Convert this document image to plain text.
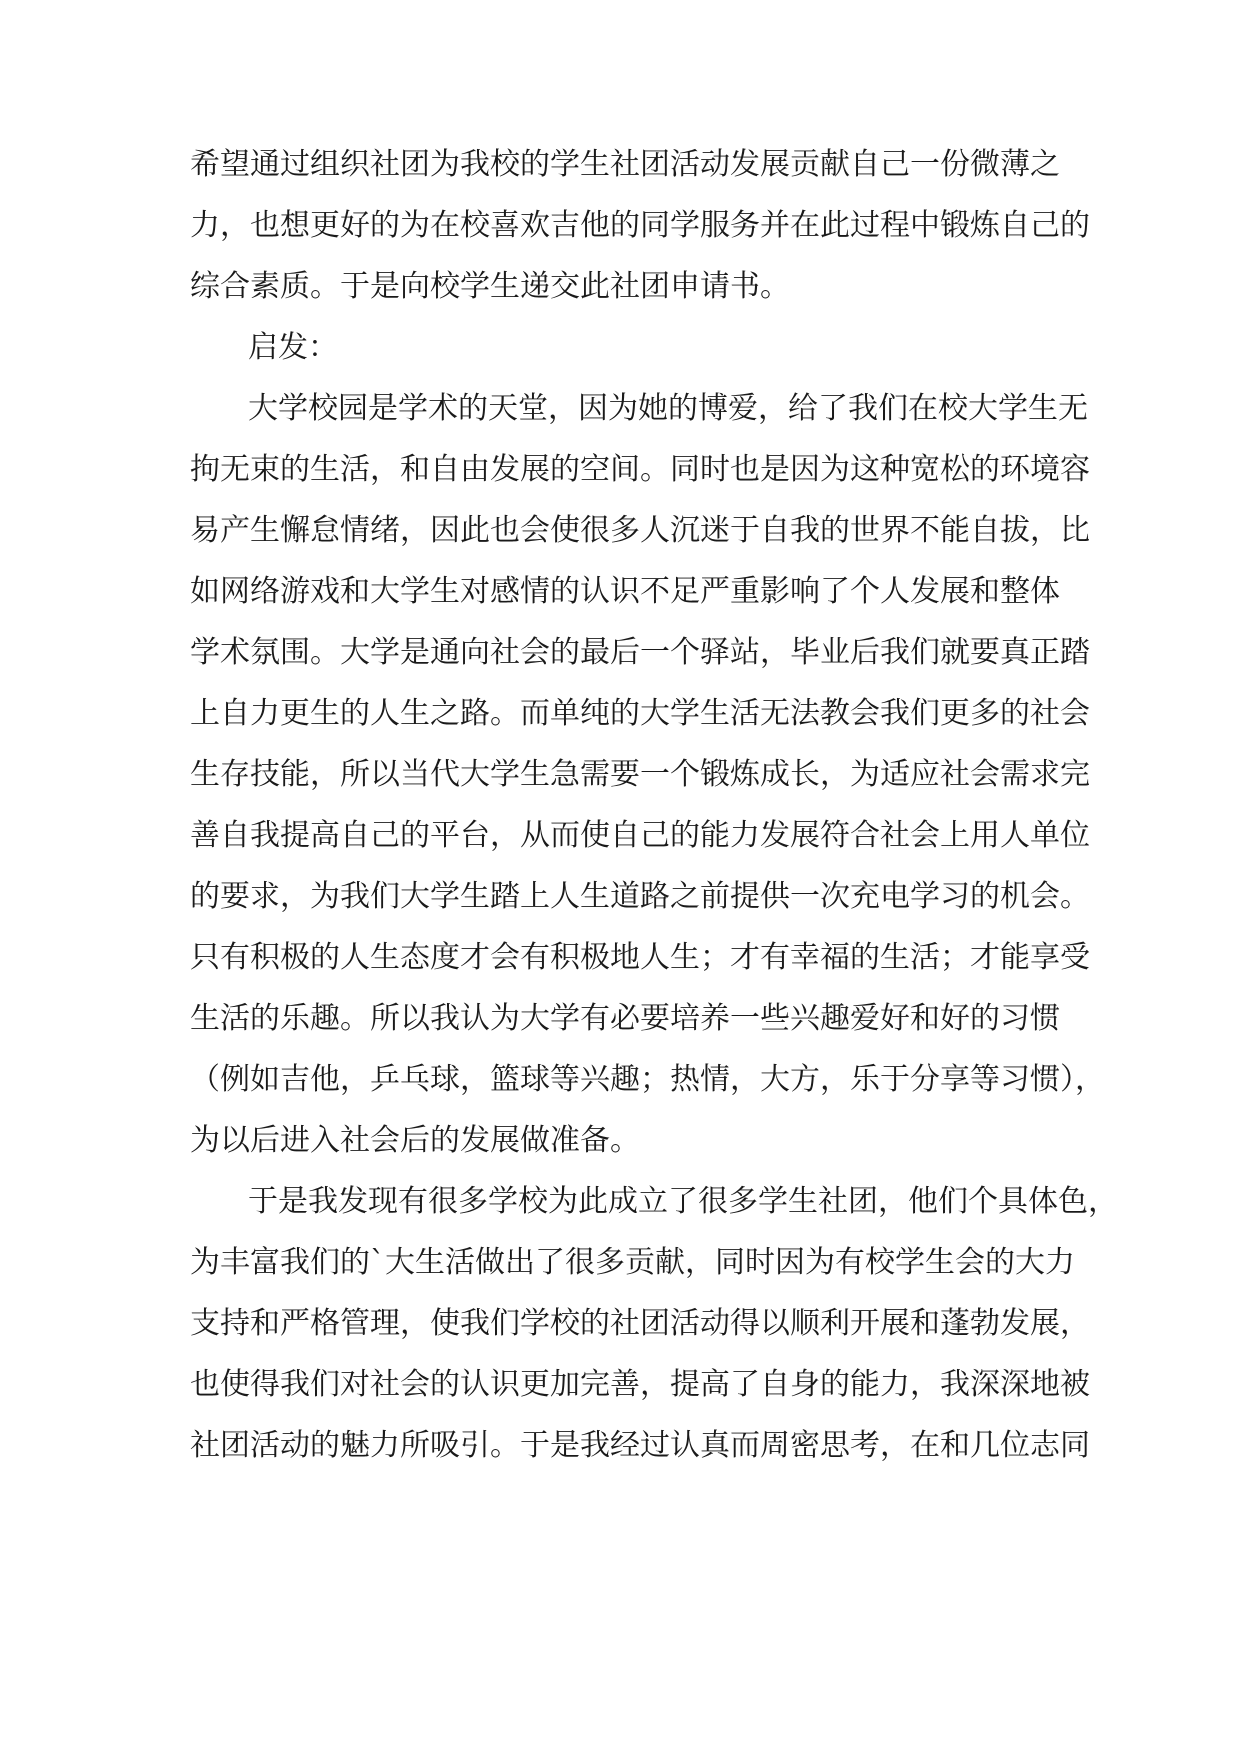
希望通过组织社团为我校的学生社团活动发展贡献自己一份微薄之
力，也想更好的为在校喜欢吉他的同学服务并在此过程中锻炼自己的
综合素质。于是向校学生递交此社团申请书。
启发：
大学校园是学术的天堂，因为她的博爱，给了我们在校大学生无
拘无束的生活，和自由发展的空间。同时也是因为这种宽松的环境容
易产生懈怠情绪，因此也会使很多人沉迷于自我的世界不能自拔，比
如网络游戏和大学生对感情的认识不足严重影响了个人发展和整体
学术氛围。大学是通向社会的最后一个驿站，毕业后我们就要真正踏
上自力更生的人生之路。而单纯的大学生活无法教会我们更多的社会
生存技能，所以当代大学生急需要一个锻炼成长，为适应社会需求完
善自我提高自己的平台，从而使自己的能力发展符合社会上用人单位
的要求，为我们大学生踏上人生道路之前提供一次充电学习的机会。
只有积极的人生态度才会有积极地人生；才有幸福的生活；才能享受
生活的乐趣。所以我认为大学有必要培养一些兴趣爱好和好的习惯
（例如吉他，乒乓球，篮球等兴趣；热情，大方，乐于分享等习惯），
为以后进入社会后的发展做准备。
于是我发现有很多学校为此成立了很多学生社团，他们个具体色，
为丰富我们的`大生活做出了很多贡献，同时因为有校学生会的大力
支持和严格管理，使我们学校的社团活动得以顺利开展和蓬勃发展，
也使得我们对社会的认识更加完善，提高了自身的能力，我深深地被
社团活动的魅力所吸引。于是我经过认真而周密思考，在和几位志同
